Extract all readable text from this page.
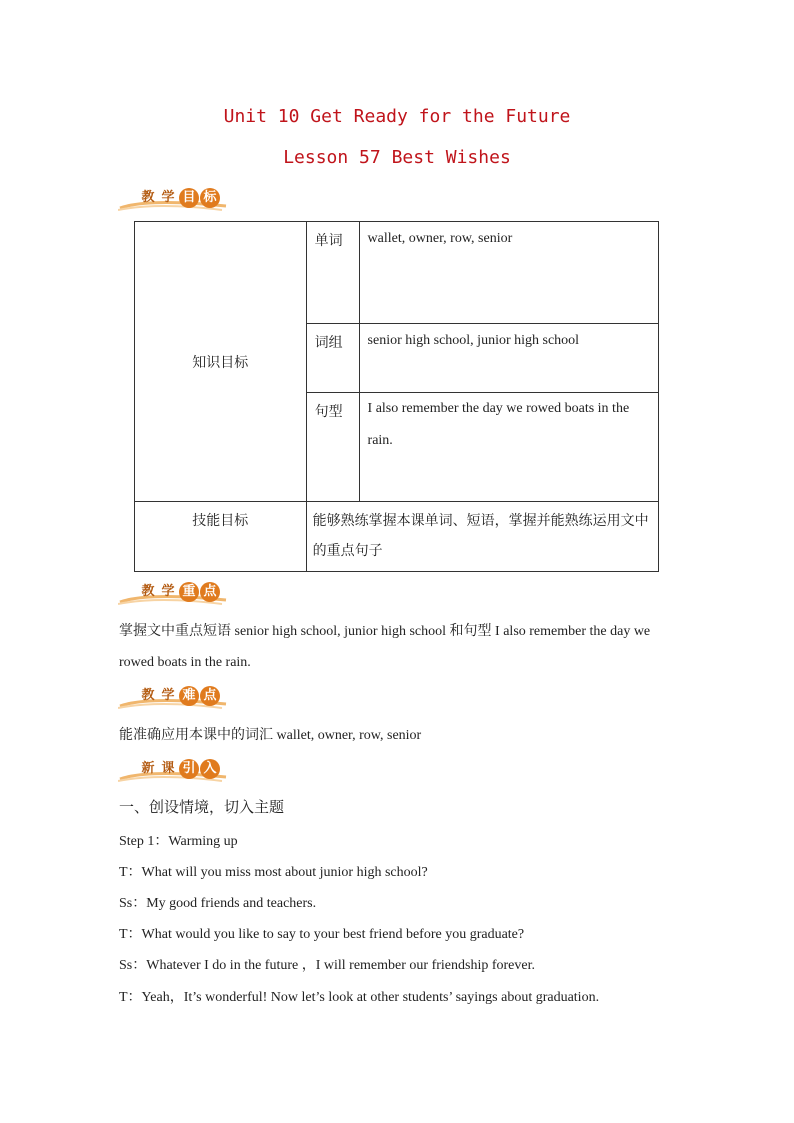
Unit 10 Get Ready for the Future
Lesson 57 Best Wishes
教 学 目 标
知识目标	单词	wallet, owner, row, senior
	词组	senior high school, junior high school
	句型	I also remember the day we rowed boats in the rain.
技能目标	能够熟练掌握本课单词、短语，掌握并能熟练运用文中的重点句子	
教 学 重 点
掌握文中重点短语 senior high school, junior high school 和句型 I also remember the day we rowed boats in the rain.
教 学 难 点
能准确应用本课中的词汇 wallet, owner, row, senior
新 课 引 入
一、创设情境，切入主题
Step 1：Warming up
T：What will you miss most about junior high school?
Ss：My good friends and teachers.
T：What would you like to say to your best friend before you graduate?
Ss：Whatever I do in the future ，I will remember our friendship forever.
T：Yeah，It’s wonderful! Now let’s look at other students’ sayings about graduation.
